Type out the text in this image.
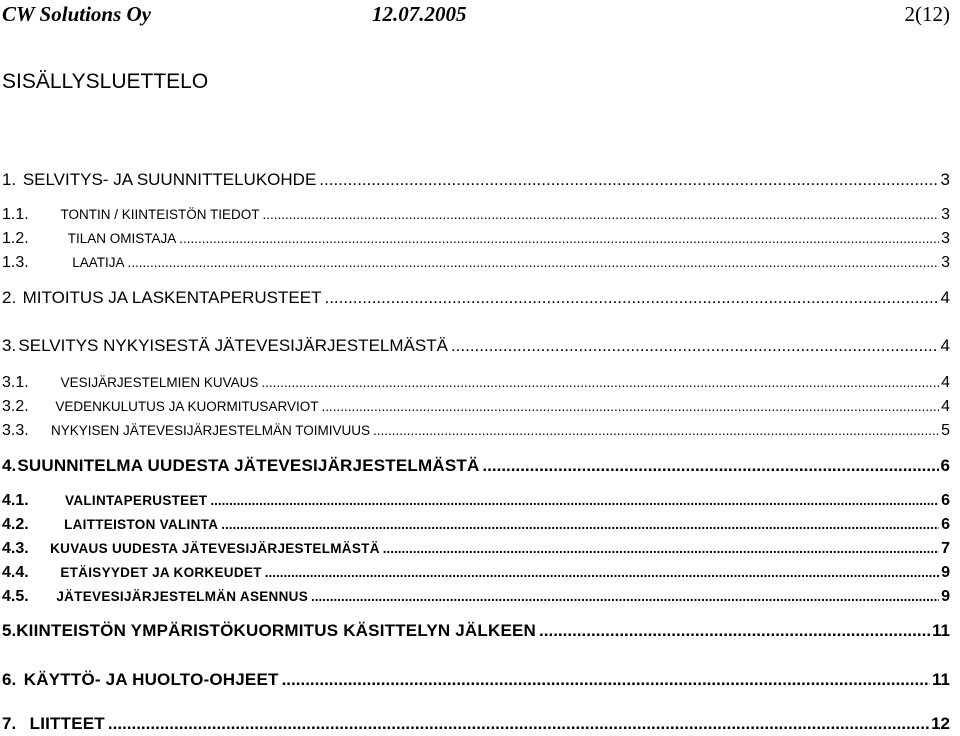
CW Solutions Oy	12.07.2005	2(12)
SISÄLLYSLUETTELO
1. SELVITYS- JA SUUNNITTELUKOHDE .....	3
1.1.	TONTIN / KIINTEISTÖN TIEDOT .....	3
1.2.	TILAN OMISTAJA .....	3
1.3.	LAATIJA .....	3
2. MITOITUS JA LASKENTAPERUSTEET .....	4
3. SELVITYS NYKYISESTÄ JÄTEVESIJÄRJESTELMÄSTÄ .....	4
3.1.	VESIJÄRJESTELMIEN KUVAUS .....	4
3.2.	VEDENKULUTUS JA KUORMITUSARVIOT .....	4
3.3.	NYKYISEN JÄTEVESIJÄRJESTELMÄN TOIMIVUUS .....	5
4. SUUNNITELMA UUDESTA JÄTEVESIJÄRJESTELMÄSTÄ .....	6
4.1.	VALINTAPERUSTEET .....	6
4.2.	LAITTEISTON VALINTA .....	6
4.3.	KUVAUS UUDESTA JÄTEVESIJÄRJESTELMÄSTÄ .....	7
4.4.	ETÄISYYDET JA KORKEUDET .....	9
4.5.	JÄTEVESIJÄRJESTELMÄN ASENNUS .....	9
5. KIINTEISTÖN YMPÄRISTÖKUORMITUS KÄSITTELYN JÄLKEEN .....	11
6. KÄYTTÖ- JA HUOLTO-OHJEET .....	11
7. LIITTEET .....	12
